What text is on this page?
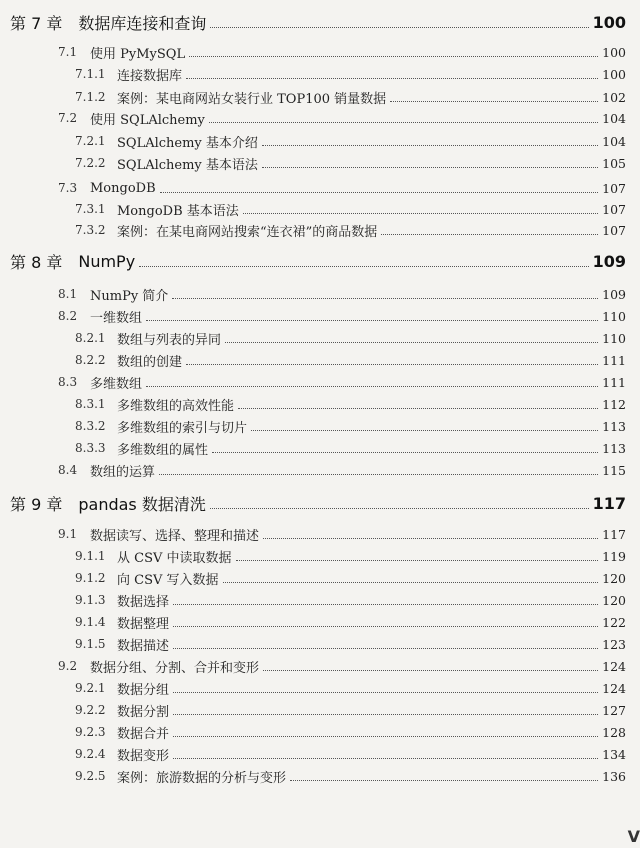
第 7 章 数据库连接和查询	100
7.1 使用 PyMySQL	100
7.1.1 连接数据库	100
7.1.2 案例：某电商网站女装行业 TOP100 销量数据	102
7.2 使用 SQLAlchemy	104
7.2.1 SQLAlchemy 基本介绍	104
7.2.2 SQLAlchemy 基本语法	105
7.3 MongoDB	107
7.3.1 MongoDB 基本语法	107
7.3.2 案例：在某电商网站搜索“连衣裙”的商品数据	107
第 8 章 NumPy	109
8.1 NumPy 简介	109
8.2 一维数组	110
8.2.1 数组与列表的异同	110
8.2.2 数组的创建	111
8.3 多维数组	111
8.3.1 多维数组的高效性能	112
8.3.2 多维数组的索引与切片	113
8.3.3 多维数组的属性	113
8.4 数组的运算	115
第 9 章 pandas 数据清洗	117
9.1 数据读写、选择、整理和描述	117
9.1.1 从 CSV 中读取数据	119
9.1.2 向 CSV 写入数据	120
9.1.3 数据选择	120
9.1.4 数据整理	122
9.1.5 数据描述	123
9.2 数据分组、分割、合并和变形	124
9.2.1 数据分组	124
9.2.2 数据分割	127
9.2.3 数据合并	128
9.2.4 数据变形	134
9.2.5 案例：旅游数据的分析与变形	136
V
